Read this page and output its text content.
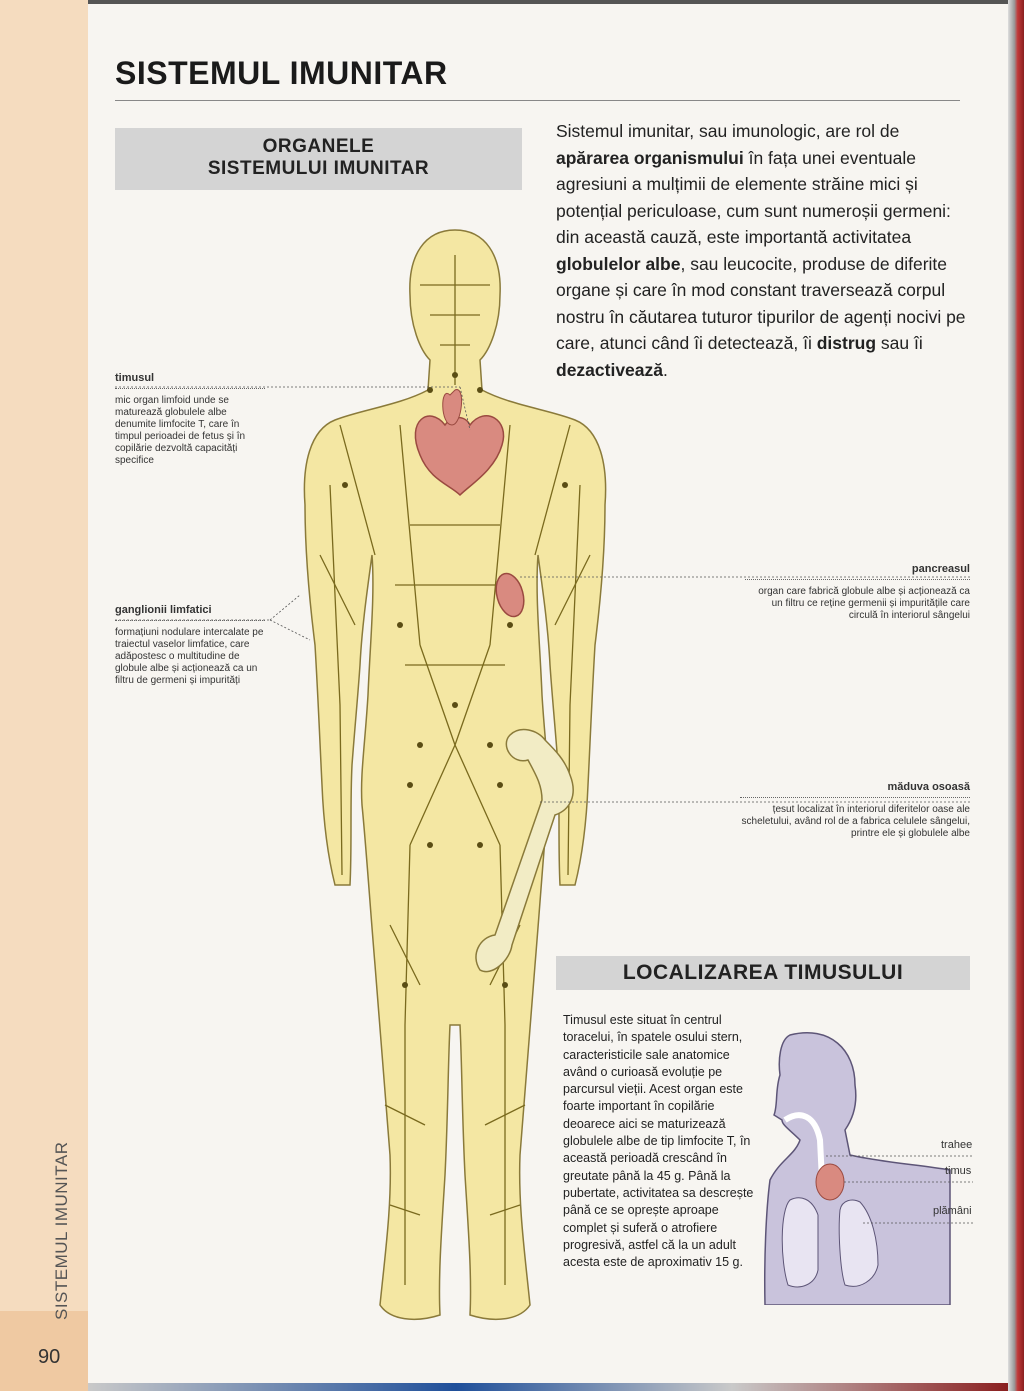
SISTEMUL IMUNITAR
90
SISTEMUL IMUNITAR
ORGANELE
SISTEMULUI IMUNITAR
Sistemul imunitar, sau imunologic, are rol de apărarea organismului în fața unei eventuale agresiuni a mulțimii de elemente străine mici și potențial periculoase, cum sunt numeroșii germeni: din această cauză, este importantă activitatea globulelor albe, sau leucocite, produse de diferite organe și care în mod constant traversează corpul nostru în căutarea tuturor tipurilor de agenți nocivi pe care, atunci când îi detectează, îi distrug sau îi dezactivează.
timusul
mic organ limfoid unde se maturează globulele albe denumite limfocite T, care în timpul perioadei de fetus și în copilărie dezvoltă capacități specifice
ganglionii limfatici
formațiuni nodulare intercalate pe traiectul vaselor limfatice, care adăpostesc o multitudine de globule albe și acționează ca un filtru de germeni și impurități
pancreasul
organ care fabrică globule albe și acționează ca un filtru ce reține germenii și impuritățile care circulă în interiorul sângelui
măduva osoasă
țesut localizat în interiorul diferitelor oase ale scheletului, având rol de a fabrica celulele sângelui, printre ele și globulele albe
LOCALIZAREA TIMUSULUI
Timusul este situat în centrul toracelui, în spatele osului stern, caracteristicile sale anatomice având o curioasă evoluție pe parcursul vieții. Acest organ este foarte important în copilărie deoarece aici se maturizează globulele albe de tip limfocite T, în această perioadă crescând în greutate până la 45 g. Până la pubertate, activitatea sa descrește până ce se oprește aproape complet și suferă o atrofiere progresivă, astfel că la un adult acesta este de aproximativ 15 g.
trahee
timus
plămâni
